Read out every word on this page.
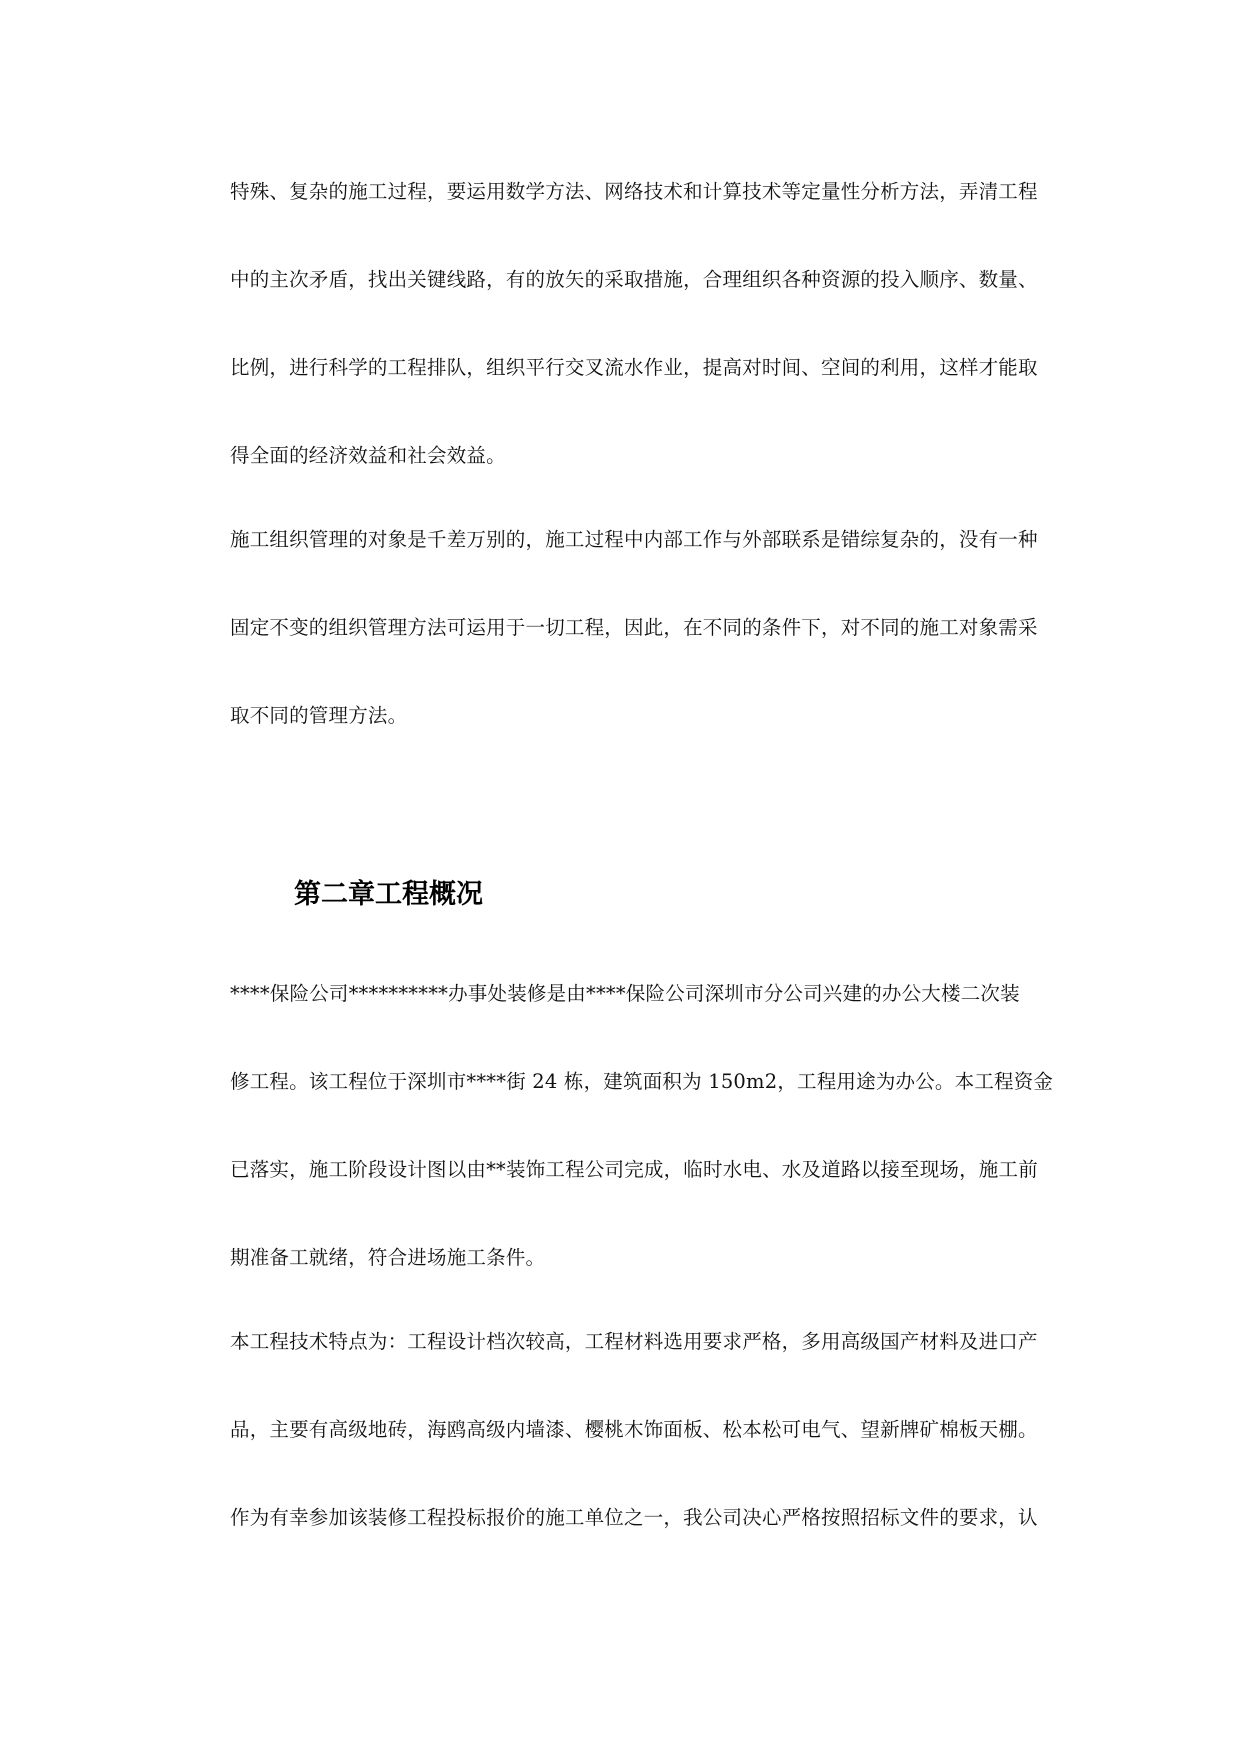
特殊、复杂的施工过程，要运用数学方法、网络技术和计算技术等定量性分析方法，弄清工程
中的主次矛盾，找出关键线路，有的放矢的采取措施，合理组织各种资源的投入顺序、数量、
比例，进行科学的工程排队，组织平行交叉流水作业，提高对时间、空间的利用，这样才能取
得全面的经济效益和社会效益。

施工组织管理的对象是千差万别的，施工过程中内部工作与外部联系是错综复杂的，没有一种
固定不变的组织管理方法可运用于一切工程，因此，在不同的条件下，对不同的施工对象需采
取不同的管理方法。

第二章工程概况

****保险公司**********办事处装修是由****保险公司深圳市分公司兴建的办公大楼二次装
修工程。该工程位于深圳市****街 24 栋，建筑面积为 150m2，工程用途为办公。本工程资金
已落实，施工阶段设计图以由**装饰工程公司完成，临时水电、水及道路以接至现场，施工前
期准备工就绪，符合进场施工条件。

本工程技术特点为：工程设计档次较高，工程材料选用要求严格，多用高级国产材料及进口产
品，主要有高级地砖，海鸥高级内墙漆、樱桃木饰面板、松本松可电气、望新牌矿棉板天棚。
作为有幸参加该装修工程投标报价的施工单位之一，我公司决心严格按照招标文件的要求，认
